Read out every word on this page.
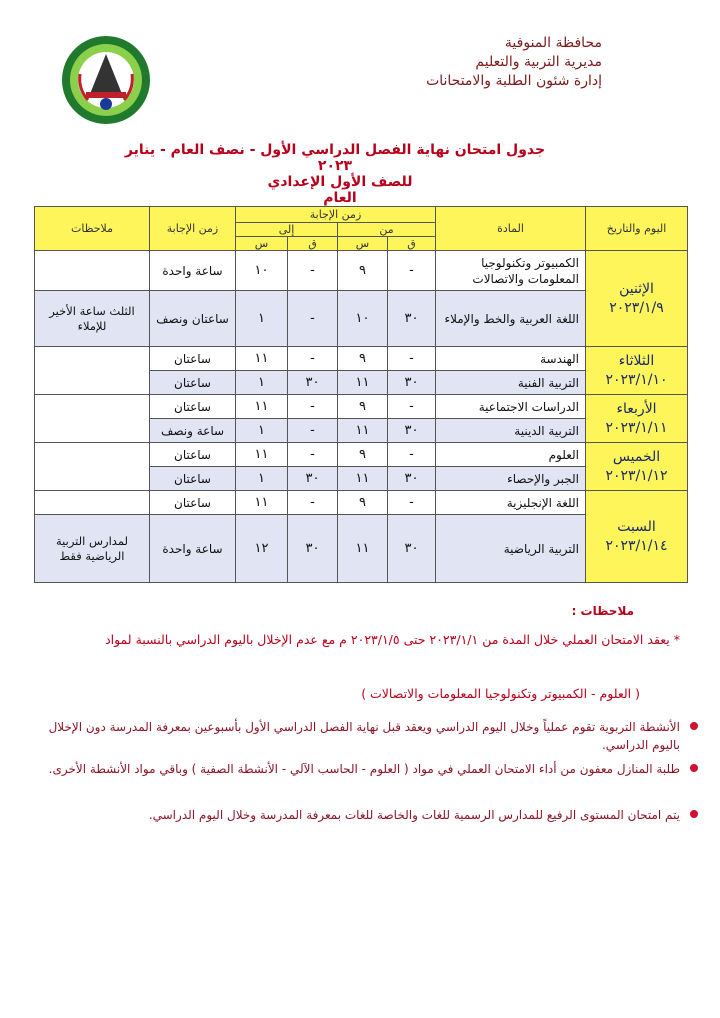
محافظة المنوفية
مديرية التربية والتعليم
إدارة شئون الطلبة والامتحانات
جدول امتحان نهاية الفصل الدراسي الأول - نصف العام - يناير ٢٠٢٣
للصف الأول الإعدادي العام
اليوم والتاريخ	المادة	زمن الإجابة				زمن الإجابة	ملاحظات
		من		إلى			
		ق	س	ق	س		

الإثنين
٢٠٢٣/١/٩	الكمبيوتر وتكنولوجيا المعلومات والاتصالات	-	٩	-	١٠	ساعة واحدة	
	اللغة العربية والخط والإملاء	٣٠	١٠	-	١	ساعتان ونصف	الثلث ساعة الأخير للإملاء

الثلاثاء
٢٠٢٣/١/١٠	الهندسة	-	٩	-	١١	ساعتان	
	التربية الفنية	٣٠	١١	٣٠	١	ساعتان	

الأربعاء
٢٠٢٣/١/١١	الدراسات الاجتماعية	-	٩	-	١١	ساعتان	
	التربية الدينية	٣٠	١١	-	١	ساعة ونصف	

الخميس
٢٠٢٣/١/١٢	العلوم	-	٩	-	١١	ساعتان	
	الجبر والإحصاء	٣٠	١١	٣٠	١	ساعتان	

السبت
٢٠٢٣/١/١٤	اللغة الإنجليزية	-	٩	-	١١	ساعتان	
	التربية الرياضية	٣٠	١١	٣٠	١٢	ساعة واحدة	لمدارس التربية الرياضية فقط
ملاحظات :
* يعقد الامتحان العملي خلال المدة من ٢٠٢٣/١/١ حتى ٢٠٢٣/١/٥ م مع عدم الإخلال باليوم الدراسي بالنسبة لمواد
( العلوم - الكمبيوتر وتكنولوجيا المعلومات والاتصالات )
الأنشطة التربوية تقوم عملياً وخلال اليوم الدراسي ويعقد قبل نهاية الفصل الدراسي الأول بأسبوعين بمعرفة المدرسة دون الإخلال باليوم الدراسي.
طلبة المنازل معفون من أداء الامتحان العملي في مواد ( العلوم - الحاسب الآلي - الأنشطة الصفية ) وباقي مواد الأنشطة الأخرى.
يتم امتحان المستوى الرفيع للمدارس الرسمية للغات والخاصة للغات بمعرفة المدرسة وخلال اليوم الدراسي.
